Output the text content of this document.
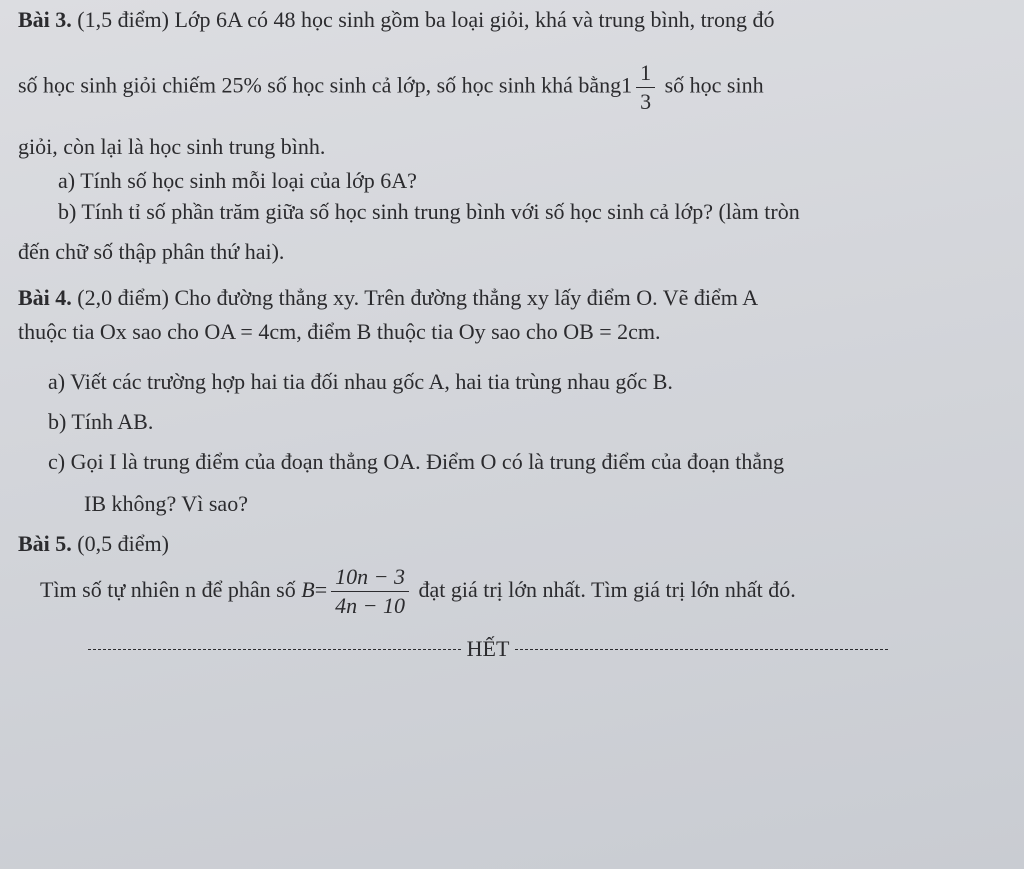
Bài 3. (1,5 điểm) Lớp 6A có 48 học sinh gồm ba loại giỏi, khá và trung bình, trong đó
số học sinh giỏi chiếm 25% số học sinh cả lớp, số học sinh khá bằng1 $\frac{1}{3}$ số học sinh
giỏi, còn lại là học sinh trung bình.
a) Tính số học sinh mỗi loại của lớp 6A?
b) Tính tỉ số phần trăm giữa số học sinh trung bình với số học sinh cả lớp? (làm tròn
đến chữ số thập phân thứ hai).
Bài 4. (2,0 điểm) Cho đường thẳng xy. Trên đường thẳng xy lấy điểm O. Vẽ điểm A
thuộc tia Ox sao cho OA = 4cm, điểm B thuộc tia Oy sao cho OB = 2cm.
a) Viết các trường hợp hai tia đối nhau gốc A, hai tia trùng nhau gốc B.
b) Tính AB.
c) Gọi I là trung điểm của đoạn thẳng OA. Điểm O có là trung điểm của đoạn thẳng
IB không? Vì sao?
Bài 5. (0,5 điểm)
Tìm số tự nhiên n để phân số $B= \frac{10n - 3}{4n - 10}$ đạt giá trị lớn nhất. Tìm giá trị lớn nhất đó.
HẾT
